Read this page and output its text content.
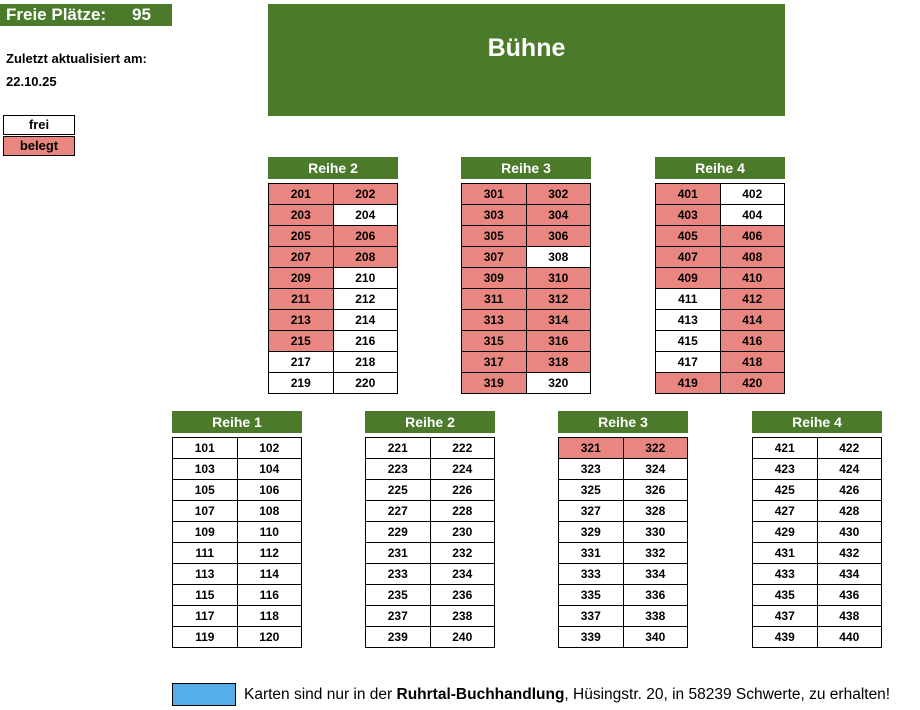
Freie Plätze: 95
Zuletzt aktualisiert am:
22.10.25
frei
belegt
Bühne
Reihe 2
201	202
203	204
205	206
207	208
209	210
211	212
213	214
215	216
217	218
219	220
Reihe 3
301	302
303	304
305	306
307	308
309	310
311	312
313	314
315	316
317	318
319	320
Reihe 4
401	402
403	404
405	406
407	408
409	410
411	412
413	414
415	416
417	418
419	420
Reihe 1
101	102
103	104
105	106
107	108
109	110
111	112
113	114
115	116
117	118
119	120
Reihe 2
221	222
223	224
225	226
227	228
229	230
231	232
233	234
235	236
237	238
239	240
Reihe 3
321	322
323	324
325	326
327	328
329	330
331	332
333	334
335	336
337	338
339	340
Reihe 4
421	422
423	424
425	426
427	428
429	430
431	432
433	434
435	436
437	438
439	440
Karten sind nur in der Ruhrtal-Buchhandlung, Hüsingstr. 20, in 58239 Schwerte, zu erhalten!
